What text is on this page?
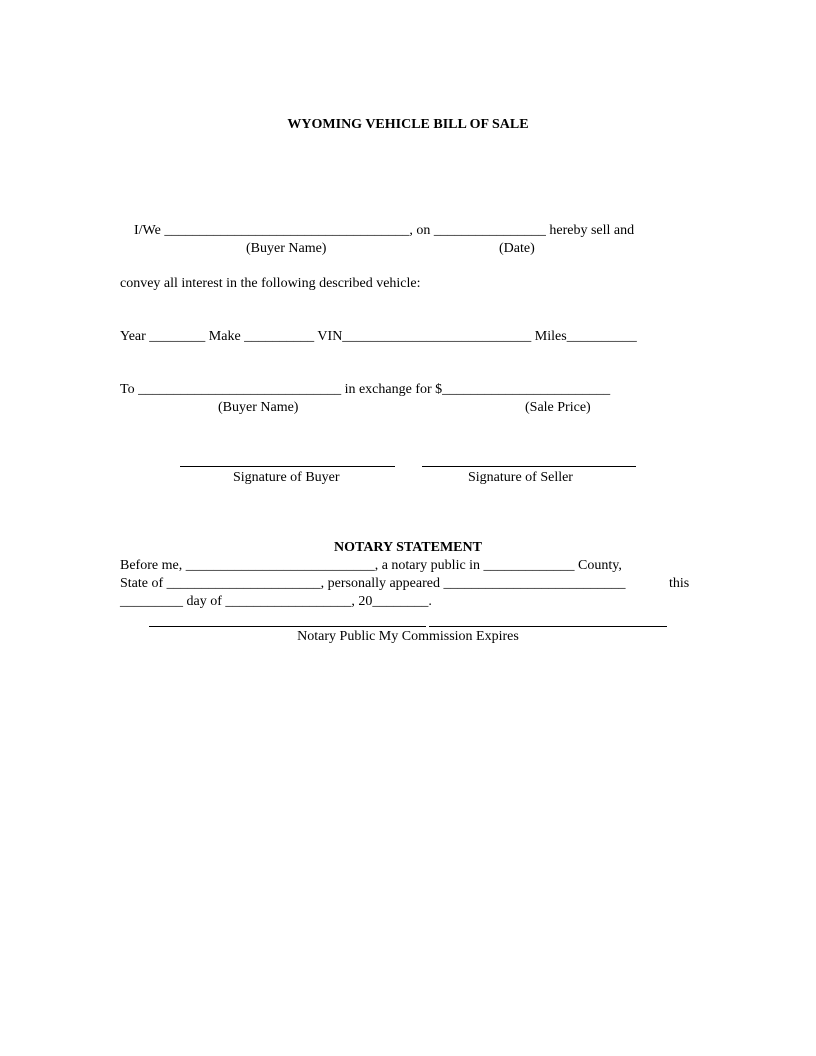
WYOMING VEHICLE BILL OF SALE
I/We ___________________________________, on ________________ hereby sell and
(Buyer Name)	(Date)
convey all interest in the following described vehicle:
Year ________ Make __________ VIN___________________________ Miles__________
To _____________________________ in exchange for $________________________
(Buyer Name)	(Sale Price)
Signature of Buyer	Signature of Seller
NOTARY STATEMENT
Before me, ___________________________, a notary public in _____________ County,
State of ______________________, personally appeared __________________________	this
_________ day of __________________, 20________.
Notary Public My Commission Expires
